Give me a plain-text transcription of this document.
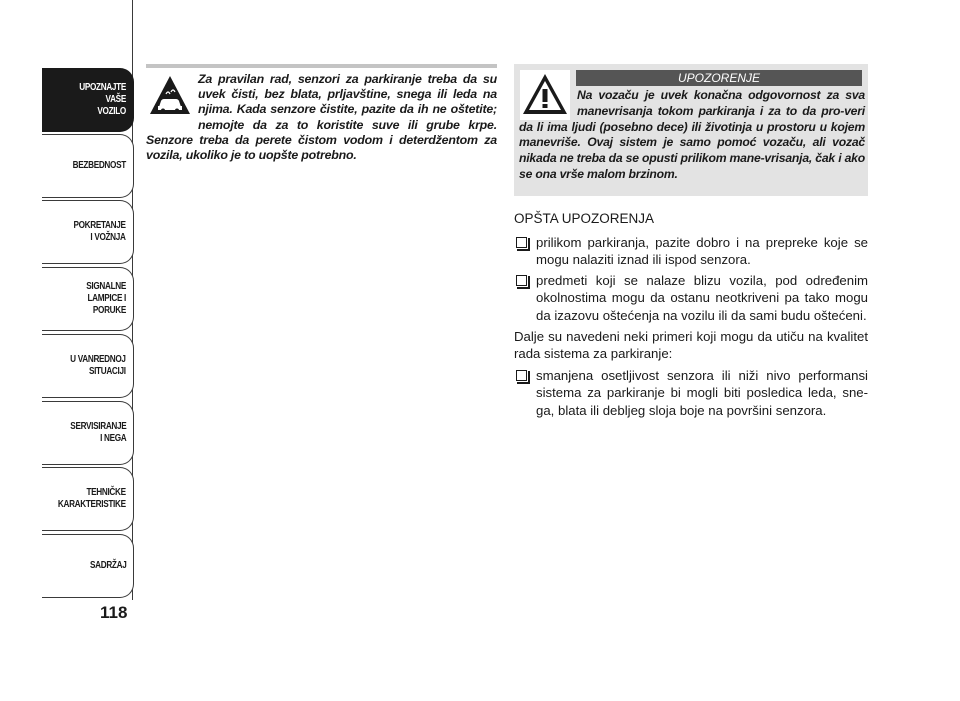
UPOZNAJTE
VAŠE
VOZILO
BEZBEDNOST
POKRETANJE
I VOŽNJA
SIGNALNE
LAMPICE I PORUKE
U VANREDNOJ
SITUACIJI
SERVISIRANJE
I NEGA
TEHNIČKE
KARAKTERISTIKE
SADRŽAJ
118
Za pravilan rad, senzori za parkiranje treba da su uvek čisti, bez blata, prljavštine, snega ili leda na njima. Kada senzore čistite, pazite da ih ne oštetite; nemojte da za to koristite suve ili grube krpe. Senzore treba da perete čistom vodom i deterdžentom za vozila, ukoliko je to uopšte potrebno.
UPOZORENJE
Na vozaču je uvek konačna odgovornost za sva manevrisanja tokom parkiranja i za to da pro-veri da li ima ljudi (posebno dece) ili životinja u prostoru u kojem manevriše. Ovaj sistem je samo pomoć vozaču, ali vozač nikada ne treba da se opusti prilikom mane-vrisanja, čak i ako se ona vrše malom brzinom.
OPŠTA UPOZORENJA
prilikom parkiranja, pazite dobro i na prepreke koje se mogu nalaziti iznad ili ispod senzora.
predmeti koji se nalaze blizu vozila, pod određenim okolnostima mogu da ostanu neotkriveni pa tako mogu da izazovu oštećenja na vozilu ili da sami budu oštećeni.
Dalje su navedeni neki primeri koji mogu da utiču na kvalitet rada sistema za parkiranje:
smanjena osetljivost senzora ili niži nivo performansi sistema za parkiranje bi mogli biti posledica leda, sne-ga, blata ili debljeg sloja boje na površini senzora.
